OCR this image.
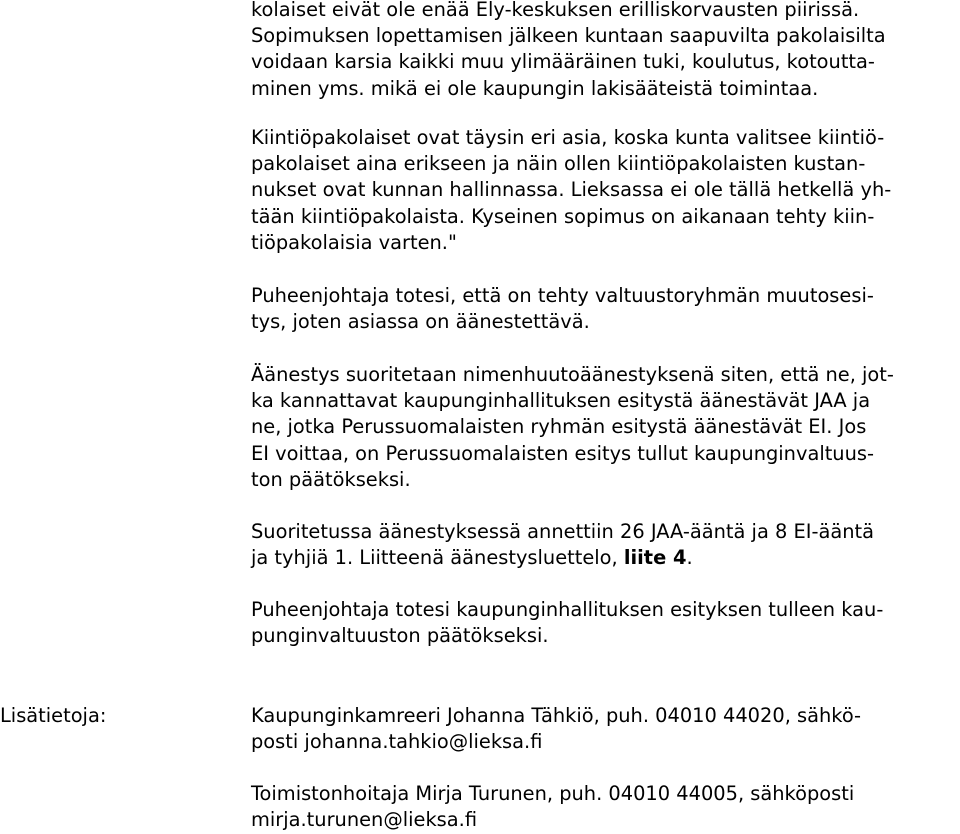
kolaiset eivät ole enää Ely-keskuksen erilliskorvausten piirissä.
Sopimuksen lopettamisen jälkeen kuntaan saapuvilta pakolaisilta
voidaan karsia kaikki muu ylimääräinen tuki, koulutus, kotoutta-
minen yms. mikä ei ole kaupungin lakisääteistä toimintaa.
Kiintiöpakolaiset ovat täysin eri asia, koska kunta valitsee kiintiö-
pakolaiset aina erikseen ja näin ollen kiintiöpakolaisten kustan-
nukset ovat kunnan hallinnassa. Lieksassa ei ole tällä hetkellä yh-
tään kiintiöpakolaista. Kyseinen sopimus on aikanaan tehty kiin-
tiöpakolaisia varten."
Puheenjohtaja totesi, että on tehty valtuustoryhmän muutosesi-
tys, joten asiassa on äänestettävä.
Äänestys suoritetaan nimenhuutoäänestyksenä siten, että ne, jot-
ka kannattavat kaupunginhallituksen esitystä äänestävät JAA ja
ne, jotka Perussuomalaisten ryhmän esitystä äänestävät EI. Jos
EI voittaa, on Perussuomalaisten esitys tullut kaupunginvaltuus-
ton päätökseksi.
Suoritetussa äänestyksessä annettiin 26 JAA-ääntä ja 8 EI-ääntä
ja tyhjiä 1. Liitteenä äänestysluettelo, liite 4.
Puheenjohtaja totesi kaupunginhallituksen esityksen tulleen kau-
punginvaltuuston päätökseksi.
Lisätietoja:	Kaupunginkamreeri Johanna Tähkiö, puh. 04010 44020, sähkö-
posti johanna.tahkio@lieksa.fi
Toimistonhoitaja Mirja Turunen, puh. 04010 44005, sähköposti
mirja.turunen@lieksa.fi
